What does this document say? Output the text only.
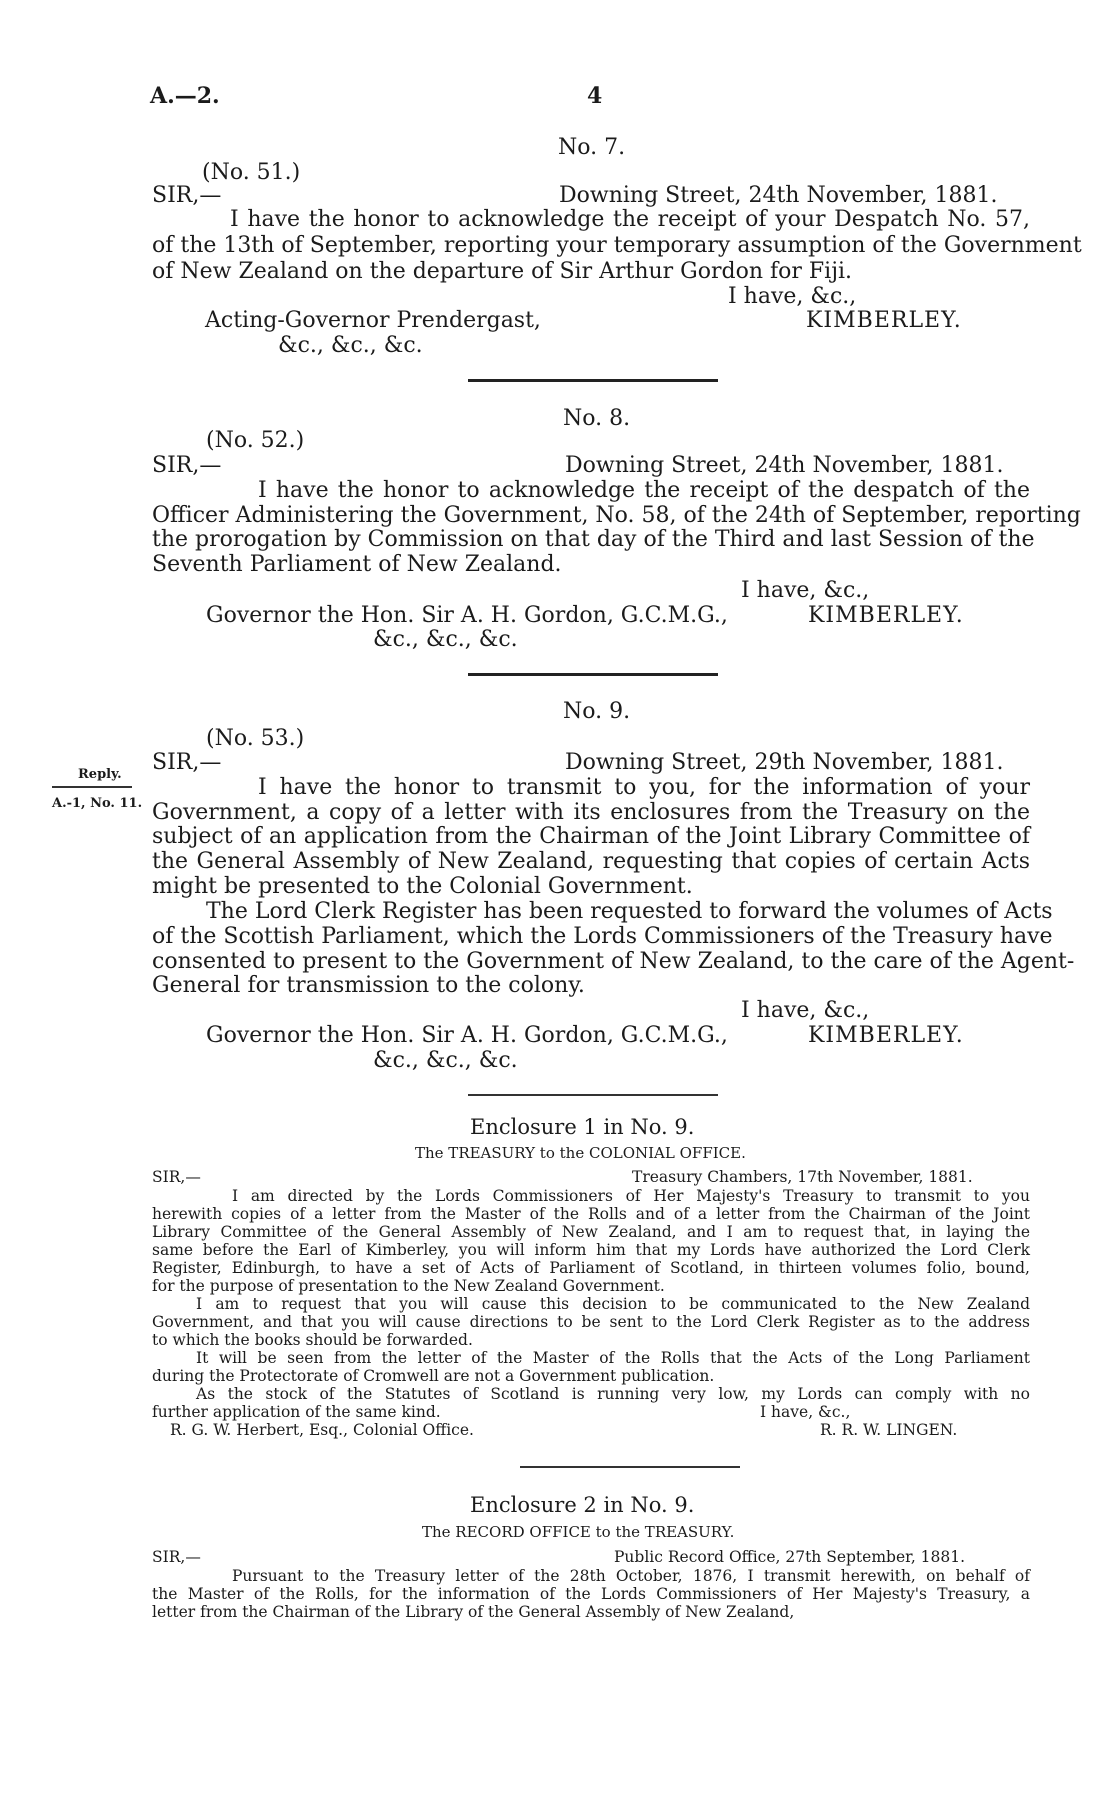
A.—2.	4
No. 7.
(No. 51.)
SIR,—	Downing Street, 24th November, 1881.
I have the honor to acknowledge the receipt of your Despatch No. 57,
of the 13th of September, reporting your temporary assumption of the Government
of New Zealand on the departure of Sir Arthur Gordon for Fiji.
I have, &c.,
Acting-Governor Prendergast,	KIMBERLEY.
&c., &c., &c.
No. 8.
(No. 52.)
SIR,—	Downing Street, 24th November, 1881.
I have the honor to acknowledge the receipt of the despatch of the
Officer Administering the Government, No. 58, of the 24th of September, reporting
the prorogation by Commission on that day of the Third and last Session of the
Seventh Parliament of New Zealand.
I have, &c.,
Governor the Hon. Sir A. H. Gordon, G.C.M.G.,	KIMBERLEY.
&c., &c., &c.
No. 9.
(No. 53.)
Reply.
A.-1, No. 11.
SIR,—	Downing Street, 29th November, 1881.
I have the honor to transmit to you, for the information of your
Government, a copy of a letter with its enclosures from the Treasury on the
subject of an application from the Chairman of the Joint Library Committee of
the General Assembly of New Zealand, requesting that copies of certain Acts
might be presented to the Colonial Government.
The Lord Clerk Register has been requested to forward the volumes of Acts
of the Scottish Parliament, which the Lords Commissioners of the Treasury have
consented to present to the Government of New Zealand, to the care of the Agent-
General for transmission to the colony.
I have, &c.,
Governor the Hon. Sir A. H. Gordon, G.C.M.G.,	KIMBERLEY.
&c., &c., &c.
Enclosure 1 in No. 9.
The TREASURY to the COLONIAL OFFICE.
SIR,—	Treasury Chambers, 17th November, 1881.
I am directed by the Lords Commissioners of Her Majesty's Treasury to transmit to you
herewith copies of a letter from the Master of the Rolls and of a letter from the Chairman of the Joint
Library Committee of the General Assembly of New Zealand, and I am to request that, in laying the
same before the Earl of Kimberley, you will inform him that my Lords have authorized the Lord Clerk
Register, Edinburgh, to have a set of Acts of Parliament of Scotland, in thirteen volumes folio, bound,
for the purpose of presentation to the New Zealand Government.
I am to request that you will cause this decision to be communicated to the New Zealand
Government, and that you will cause directions to be sent to the Lord Clerk Register as to the address
to which the books should be forwarded.
It will be seen from the letter of the Master of the Rolls that the Acts of the Long Parliament
during the Protectorate of Cromwell are not a Government publication.
As the stock of the Statutes of Scotland is running very low, my Lords can comply with no
further application of the same kind.	I have, &c.,
R. G. W. Herbert, Esq., Colonial Office.	R. R. W. LINGEN.
Enclosure 2 in No. 9.
The RECORD OFFICE to the TREASURY.
SIR,—	Public Record Office, 27th September, 1881.
Pursuant to the Treasury letter of the 28th October, 1876, I transmit herewith, on behalf of
the Master of the Rolls, for the information of the Lords Commissioners of Her Majesty's Treasury, a
letter from the Chairman of the Library of the General Assembly of New Zealand,
